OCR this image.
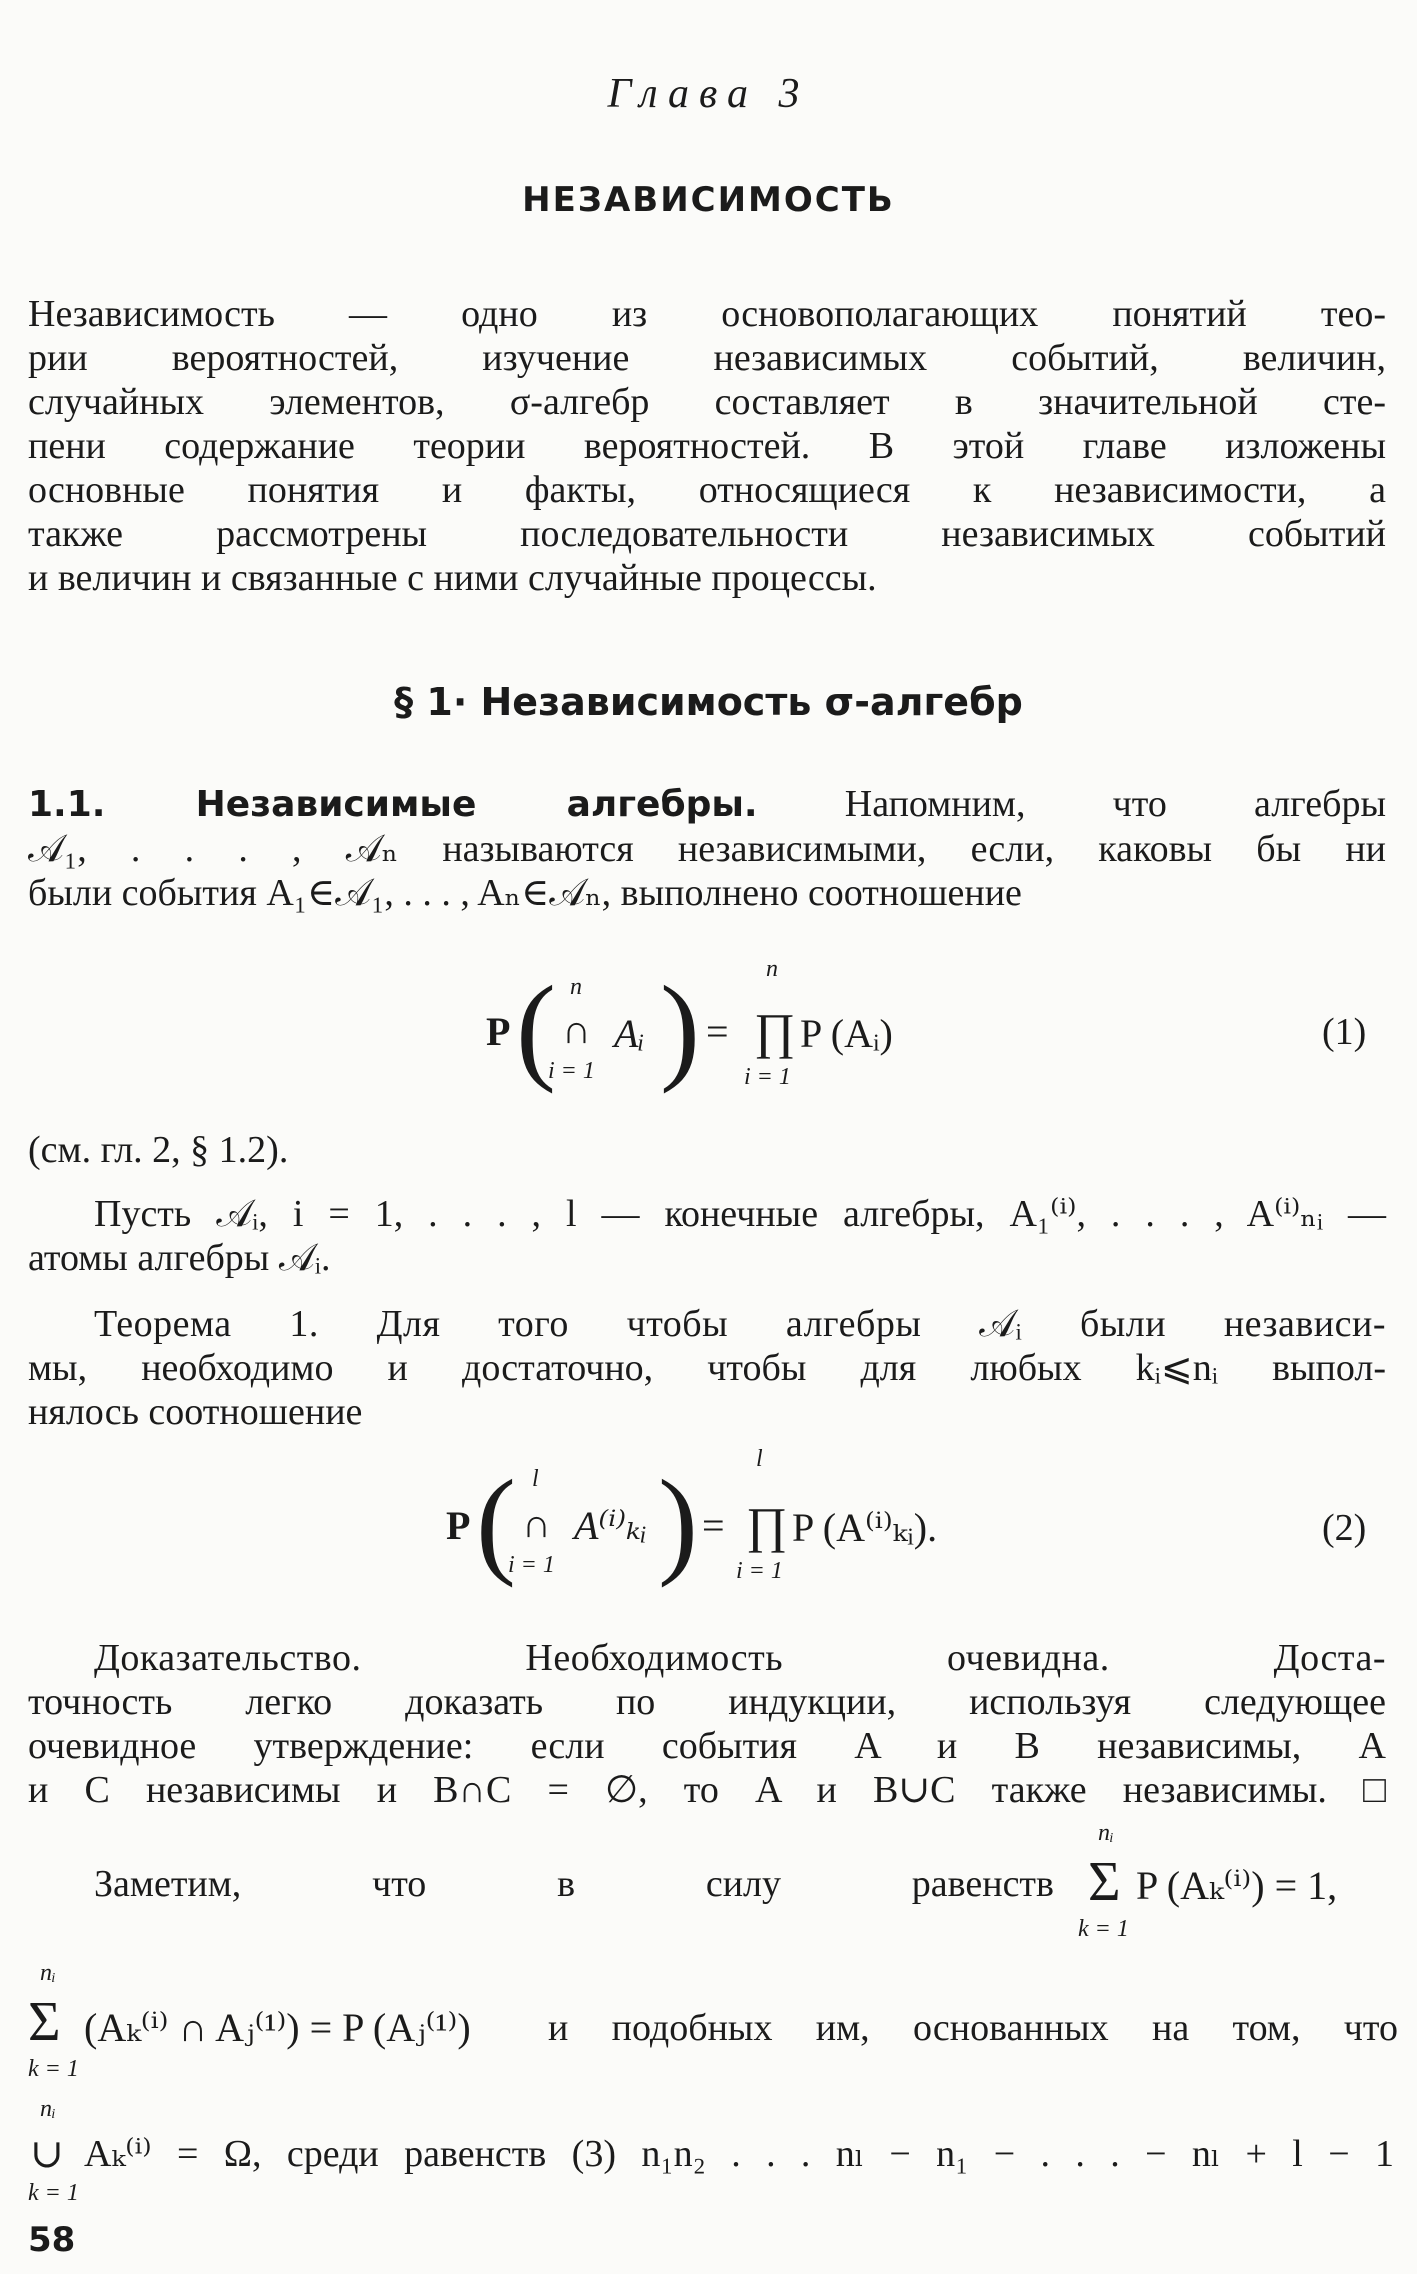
Глава 3
НЕЗАВИСИМОСТЬ
Независимость — одно из основополагающих понятий тео-
рии вероятностей, изучение независимых событий, величин,
случайных элементов, σ-алгебр составляет в значительной сте-
пени содержание теории вероятностей. В этой главе изложены
основные понятия и факты, относящиеся к независимости, а
также рассмотрены последовательности независимых событий
и величин и связанные с ними случайные процессы.
§ 1· Независимость σ-алгебр
1.1. Независимые алгебры. Напомним, что алгебры
𝒜₁, . . . , 𝒜ₙ называются независимыми, если, каковы бы ни
были события A₁∈𝒜₁, . . . , Aₙ∈𝒜ₙ, выполнено соотношение
P ( n
∩
i = 1
Aᵢ ) =
n
∏
i = 1
P (Aᵢ)	(1)
(см. гл. 2, § 1.2).
Пусть 𝒜ᵢ, i = 1, . . . , l — конечные алгебры, A₁⁽ⁱ⁾, . . . , A⁽ⁱ⁾ₙᵢ —
атомы алгебры 𝒜ᵢ.
Теорема 1. Для того чтобы алгебры 𝒜ᵢ были независи-
мы, необходимо и достаточно, чтобы для любых kᵢ⩽nᵢ выпол-
нялось соотношение
P ( l
∩
i = 1
A⁽ⁱ⁾ₖᵢ ) =
l
∏
i = 1
P (A⁽ⁱ⁾ₖᵢ).	(2)
Доказательство. Необходимость очевидна. Доста-
точность легко доказать по индукции, используя следующее
очевидное утверждение: если события A и B независимы, A
и C независимы и B∩C = ∅, то A и B∪C также независимы. □
Заметим,	что	в	силу	равенств
nᵢ
Σ
k = 1
P (Aₖ⁽ⁱ⁾) = 1,
nᵢ
Σ
k = 1
(Aₖ⁽ⁱ⁾ ∩ Aⱼ⁽¹⁾) = P (Aⱼ⁽¹⁾) и подобных им, основанных на том, что
nᵢ
∪
k = 1
Aₖ⁽ⁱ⁾ = Ω, среди равенств (3) n₁n₂ . . . nₗ − n₁ − . . . − nₗ + l − 1
58
